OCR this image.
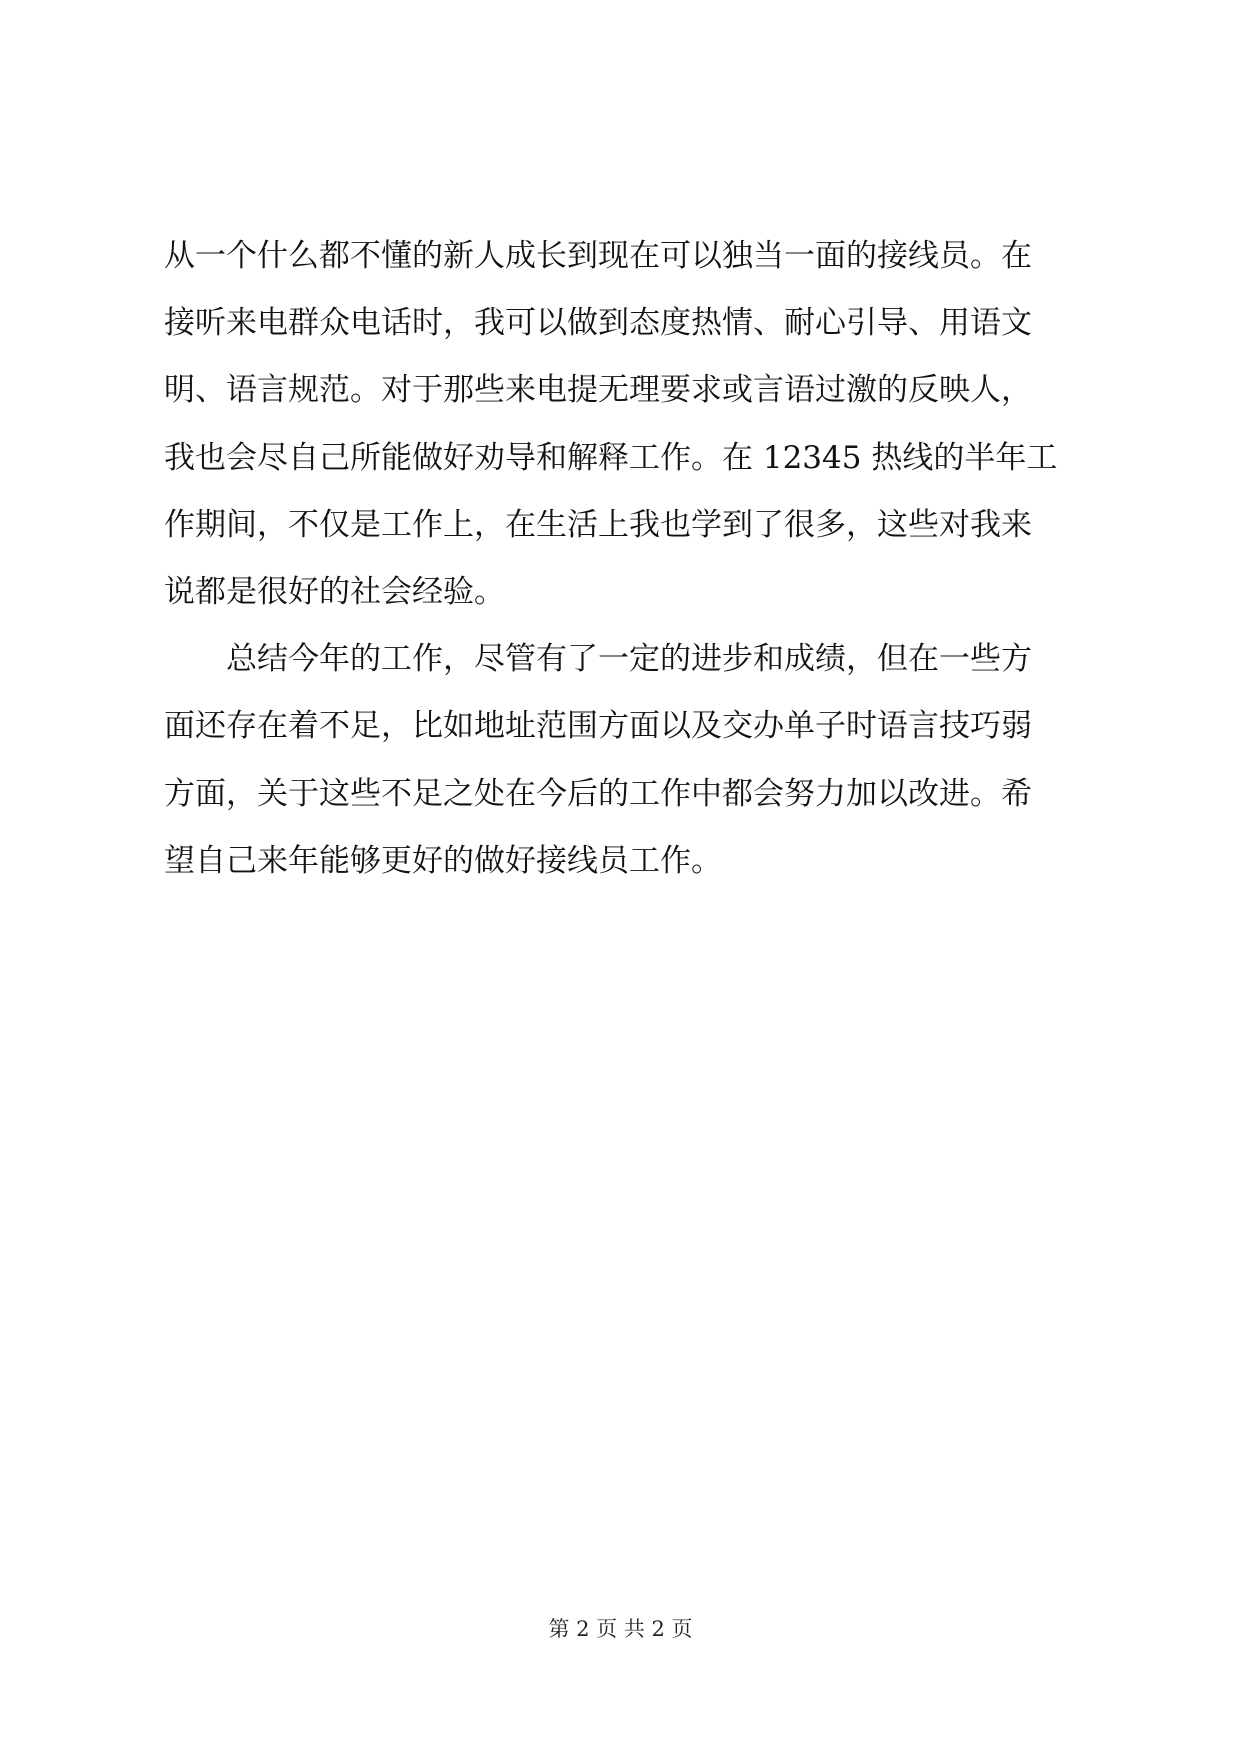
从一个什么都不懂的新人成长到现在可以独当一面的接线员。在
接听来电群众电话时，我可以做到态度热情、耐心引导、用语文
明、语言规范。对于那些来电提无理要求或言语过激的反映人，
我也会尽自己所能做好劝导和解释工作。在 12345 热线的半年工
作期间，不仅是工作上，在生活上我也学到了很多，这些对我来
说都是很好的社会经验。
　　总结今年的工作，尽管有了一定的进步和成绩，但在一些方
面还存在着不足，比如地址范围方面以及交办单子时语言技巧弱
方面，关于这些不足之处在今后的工作中都会努力加以改进。希
望自己来年能够更好的做好接线员工作。
第 2 页 共 2 页
